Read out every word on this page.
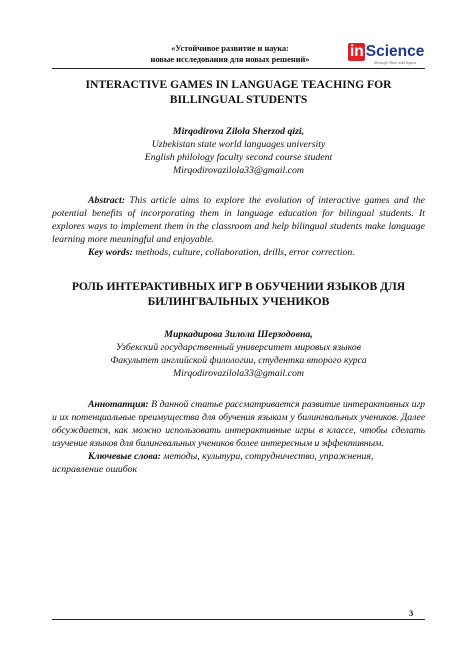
«Устойчивое развитие и наука:
новые исследования для новых решений»	in Science
through Time and Space
INTERACTIVE GAMES IN LANGUAGE TEACHING FOR
BILLINGUAL STUDENTS
Mirqodirova Zilola Sherzod qizi,
Uzbekistan state world languages university
English philology faculty second course student
Mirqodirovazilola33@gmail.com

Abstract: This article aims to explore the evolution of interactive games and the potential benefits of incorporating them in language education for bilingual students. It explores ways to implement them in the classroom and help bilingual students make language learning more meaningful and enjoyable.

Key words: methods, culture, collaboration, drills, error correction.

РОЛЬ ИНТЕРАКТИВНЫХ ИГР В ОБУЧЕНИИ ЯЗЫКОВ ДЛЯ
БИЛИНГВАЛЬНЫХ УЧЕНИКОВ
Миркадирова Зилола Шерзодовна,
Узбекский государственный университет мировых языков
Факультет английской филологии, студентка второго курса
Mirqodirovazilola33@gmail.com

Аннотатция: В данной статье рассматривается развитие интерактивных игр и их потенциальные преимущества для обучения языкам у билингвальных учеников. Далее обсуждается, как можно использовать интерактивные игры в классе, чтобы сделать изучение языков для билингвальных учеников более интересным и эффективным.

Ключевые слова: методы, культура, сотрудничество, упражнения, исправление ошибок

3
